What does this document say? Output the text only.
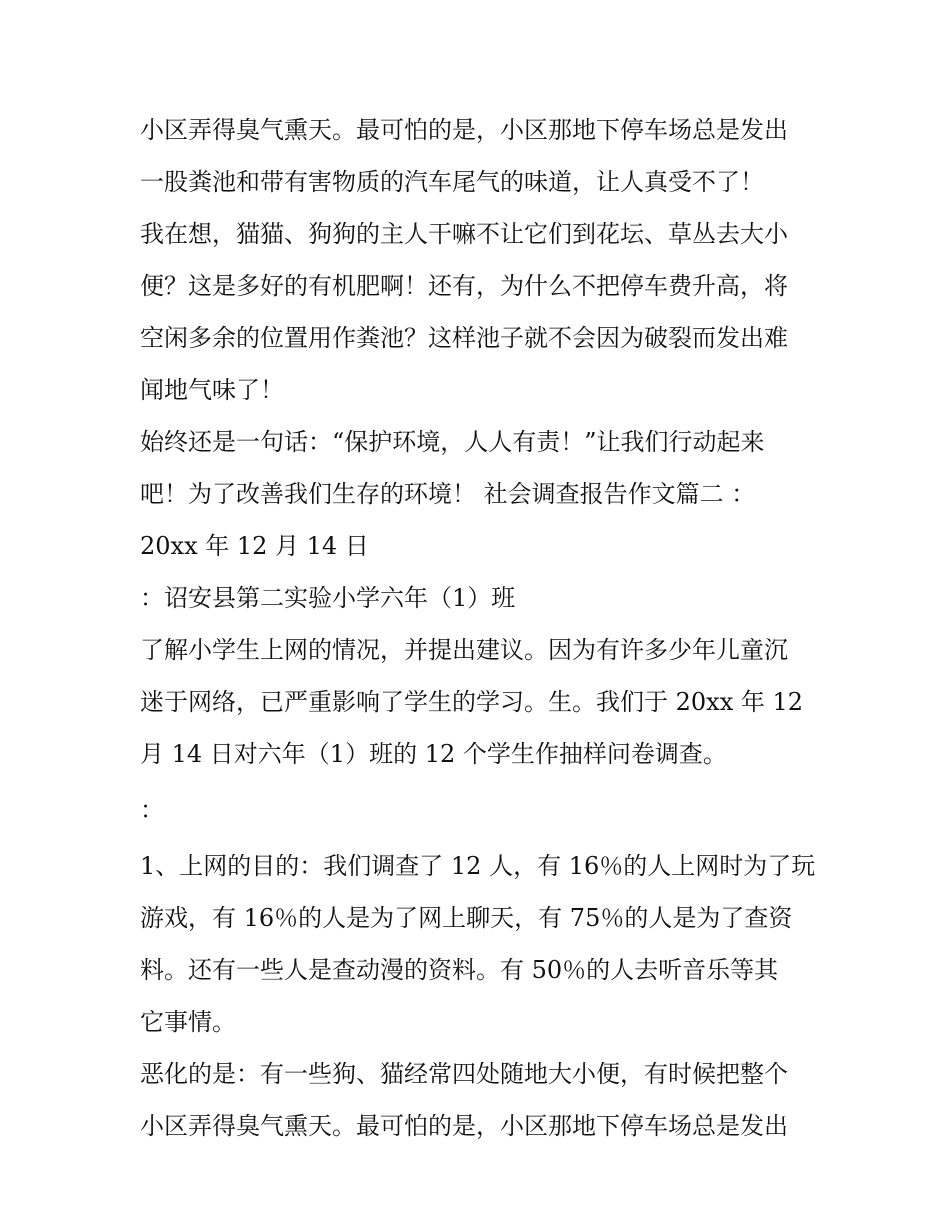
小区弄得臭气熏天。最可怕的是，小区那地下停车场总是发出
一股粪池和带有害物质的汽车尾气的味道，让人真受不了！
我在想，猫猫、狗狗的主人干嘛不让它们到花坛、草丛去大小
便？这是多好的有机肥啊！还有，为什么不把停车费升高，将
空闲多余的位置用作粪池？这样池子就不会因为破裂而发出难
闻地气味了！
始终还是一句话：“保护环境，人人有责！”让我们行动起来
吧！为了改善我们生存的环境！ 社会调查报告作文篇二 ：
20xx 年 12 月 14 日
：诏安县第二实验小学六年（1）班
了解小学生上网的情况，并提出建议。因为有许多少年儿童沉
迷于网络，已严重影响了学生的学习。生。我们于 20xx 年 12
月 14 日对六年（1）班的 12 个学生作抽样问卷调查。
：
1、上网的目的：我们调查了 12 人，有 16％的人上网时为了玩
游戏，有 16％的人是为了网上聊天，有 75％的人是为了查资
料。还有一些人是查动漫的资料。有 50％的人去听音乐等其
它事情。
恶化的是：有一些狗、猫经常四处随地大小便，有时候把整个
小区弄得臭气熏天。最可怕的是，小区那地下停车场总是发出
